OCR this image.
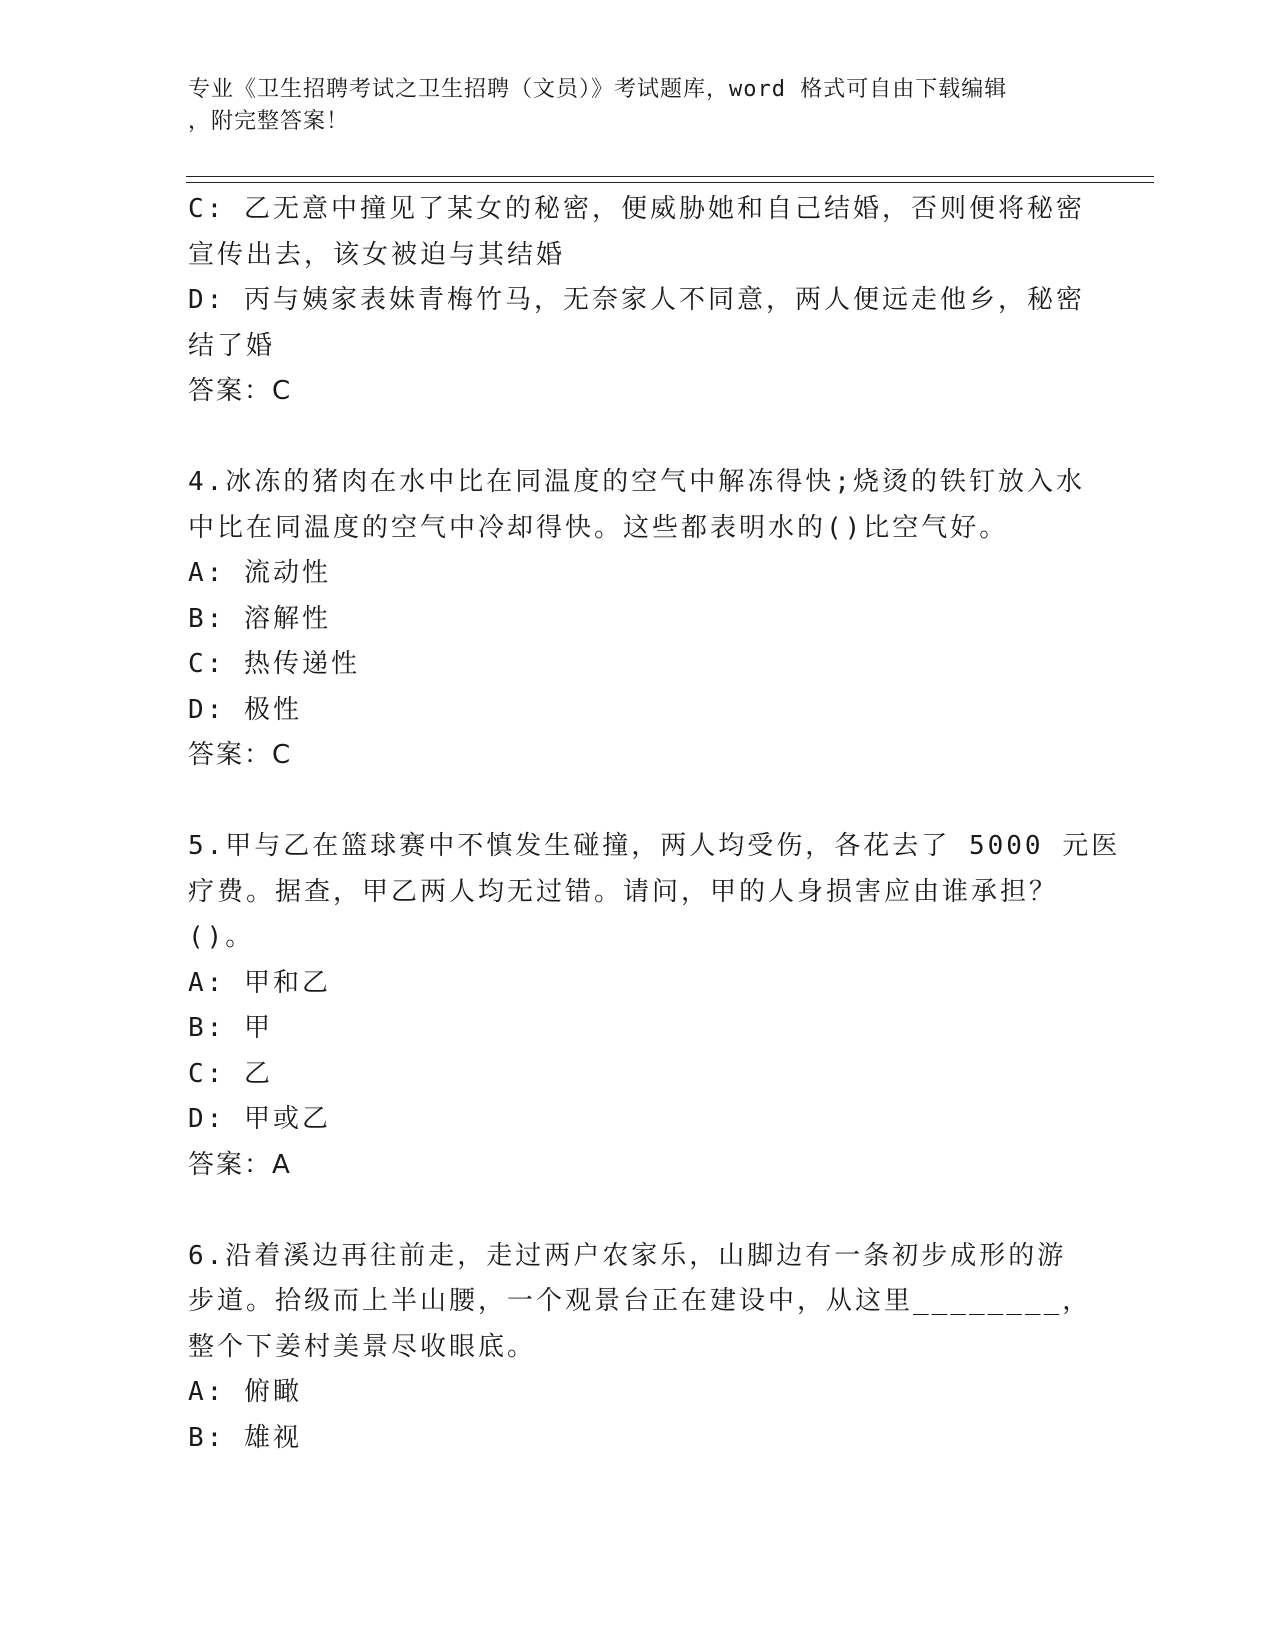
专业《卫生招聘考试之卫生招聘（文员）》考试题库，word 格式可自由下载编辑
，附完整答案！
C: 乙无意中撞见了某女的秘密，便威胁她和自己结婚，否则便将秘密
宣传出去，该女被迫与其结婚
D: 丙与姨家表妹青梅竹马，无奈家人不同意，两人便远走他乡，秘密
结了婚
答案：C
4.冰冻的猪肉在水中比在同温度的空气中解冻得快;烧烫的铁钉放入水
中比在同温度的空气中冷却得快。这些都表明水的()比空气好。
A: 流动性
B: 溶解性
C: 热传递性
D: 极性
答案：C
5.甲与乙在篮球赛中不慎发生碰撞，两人均受伤，各花去了 5000 元医
疗费。据查，甲乙两人均无过错。请问，甲的人身损害应由谁承担？
()。
A: 甲和乙
B: 甲
C: 乙
D: 甲或乙
答案：A
6.沿着溪边再往前走，走过两户农家乐，山脚边有一条初步成形的游
步道。拾级而上半山腰，一个观景台正在建设中，从这里________，
整个下姜村美景尽收眼底。
A: 俯瞰
B: 雄视
